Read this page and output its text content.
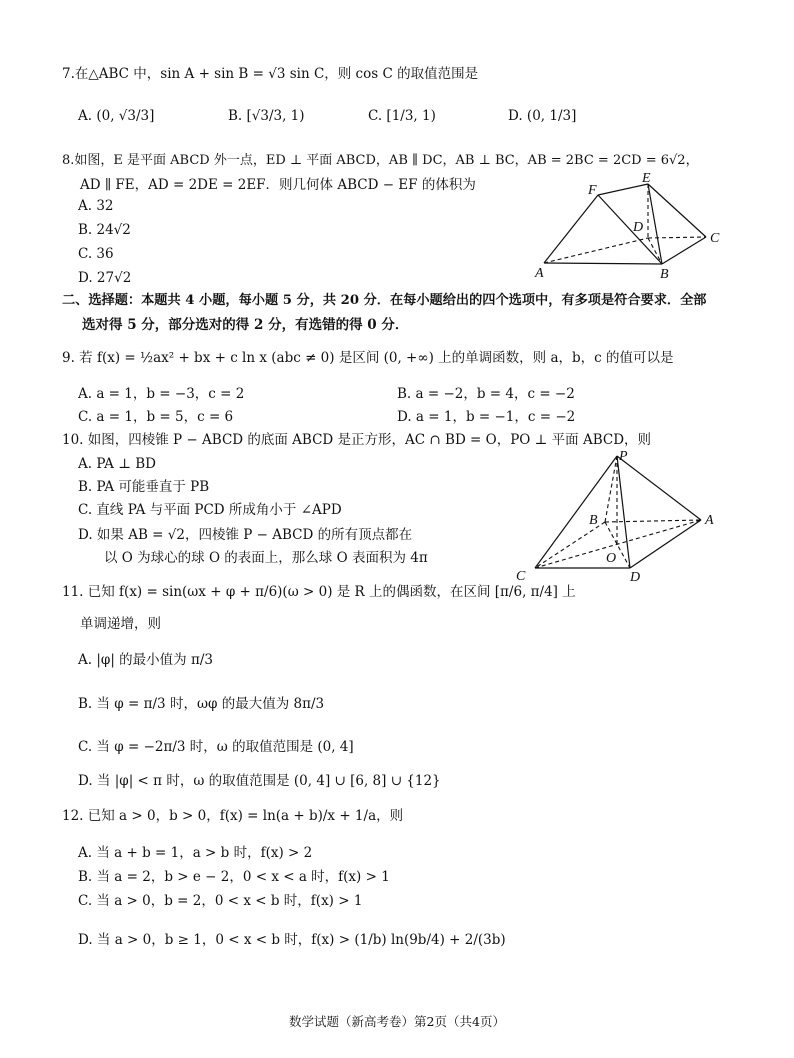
7.在△ABC 中，sin A + sin B = √3 sin C，则 cos C 的取值范围是
A. (0, √3/3]	B. [√3/3, 1)	C. [1/3, 1)	D. (0, 1/3]
8.如图，E 是平面 ABCD 外一点，ED ⊥ 平面 ABCD，AB ∥ DC，AB ⊥ BC，AB = 2BC = 2CD = 6√2，
AD ∥ FE，AD = 2DE = 2EF．则几何体 ABCD − EF 的体积为
A. 32
B. 24√2
C. 36
D. 27√2
F
E
D
C
A	B
二、选择题：本题共 4 小题，每小题 5 分，共 20 分．在每小题给出的四个选项中，有多项是符合要求．全部
选对得 5 分，部分选对的得 2 分，有选错的得 0 分．
9. 若 f(x) = ½ax² + bx + c ln x (abc ≠ 0) 是区间 (0, +∞) 上的单调函数，则 a，b，c 的值可以是
A. a = 1，b = −3，c = 2	B. a = −2，b = 4，c = −2
C. a = 1，b = 5，c = 6	D. a = 1，b = −1，c = −2
10. 如图，四棱锥 P − ABCD 的底面 ABCD 是正方形，AC ∩ BD = O，PO ⊥ 平面 ABCD，则
A. PA ⊥ BD
B. PA 可能垂直于 PB
C. 直线 PA 与平面 PCD 所成角小于 ∠APD
D. 如果 AB = √2，四棱锥 P − ABCD 的所有顶点都在
以 O 为球心的球 O 的表面上，那么球 O 表面积为 4π
P
B	A
O
C	D
11. 已知 f(x) = sin(ωx + φ + π/6)(ω > 0) 是 R 上的偶函数，在区间 [π/6, π/4] 上
单调递增，则
A. |φ| 的最小值为 π/3
B. 当 φ = π/3 时，ωφ 的最大值为 8π/3
C. 当 φ = −2π/3 时，ω 的取值范围是 (0, 4]
D. 当 |φ| < π 时，ω 的取值范围是 (0, 4] ∪ [6, 8] ∪ {12}
12. 已知 a > 0，b > 0，f(x) = ln(a + b)/x + 1/a，则
A. 当 a + b = 1，a > b 时，f(x) > 2
B. 当 a = 2，b > e − 2，0 < x < a 时，f(x) > 1
C. 当 a > 0，b = 2，0 < x < b 时，f(x) > 1
D. 当 a > 0，b ≥ 1，0 < x < b 时，f(x) > (1/b) ln(9b/4) + 2/(3b)
数学试题（新高考卷）第2页（共4页）
